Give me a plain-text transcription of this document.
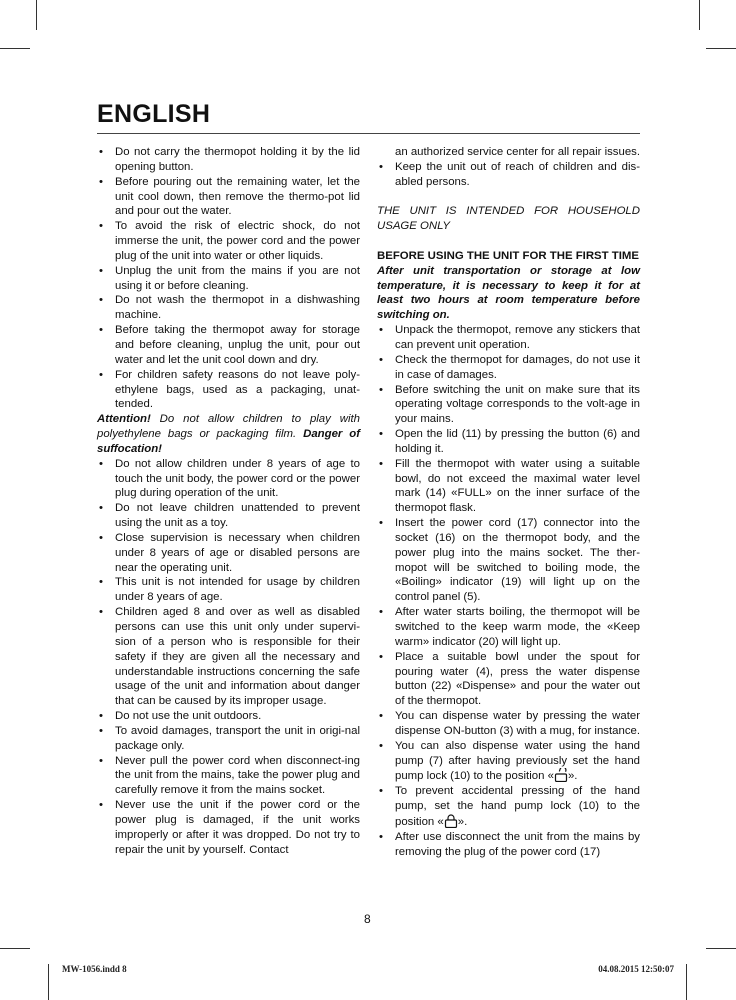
ENGLISH
• Do not carry the thermopot holding it by the lid opening button.
• Before pouring out the remaining water, let the unit cool down, then remove the thermo-pot lid and pour out the water.
• To avoid the risk of electric shock, do not immerse the unit, the power cord and the power plug of the unit into water or other liquids.
• Unplug the unit from the mains if you are not using it or before cleaning.
• Do not wash the thermopot in a dishwashing machine.
• Before taking the thermopot away for storage and before cleaning, unplug the unit, pour out water and let the unit cool down and dry.
• For children safety reasons do not leave poly-ethylene bags, used as a packaging, unat-tended.

Attention! Do not allow children to play with polyethylene bags or packaging film. Danger of suffocation!

• Do not allow children under 8 years of age to touch the unit body, the power cord or the power plug during operation of the unit.
• Do not leave children unattended to prevent using the unit as a toy.
• Close supervision is necessary when children under 8 years of age or disabled persons are near the operating unit.
• This unit is not intended for usage by children under 8 years of age.
• Children aged 8 and over as well as disabled persons can use this unit only under supervi-sion of a person who is responsible for their safety if they are given all the necessary and understandable instructions concerning the safe usage of the unit and information about danger that can be caused by its improper usage.
• Do not use the unit outdoors.
• To avoid damages, transport the unit in origi-nal package only.
• Never pull the power cord when disconnect-ing the unit from the mains, take the power plug and carefully remove it from the mains socket.
• Never use the unit if the power cord or the power plug is damaged, if the unit works improperly or after it was dropped. Do not try to repair the unit by yourself. Contact
an authorized service center for all repair issues.
• Keep the unit out of reach of children and dis-abled persons.

THE UNIT IS INTENDED FOR HOUSEHOLD USAGE ONLY

BEFORE USING THE UNIT FOR THE FIRST TIME

After unit transportation or storage at low temperature, it is necessary to keep it for at least two hours at room temperature before switching on.

• Unpack the thermopot, remove any stickers that can prevent unit operation.
• Check the thermopot for damages, do not use it in case of damages.
• Before switching the unit on make sure that its operating voltage corresponds to the volt-age in your mains.
• Open the lid (11) by pressing the button (6) and holding it.
• Fill the thermopot with water using a suitable bowl, do not exceed the maximal water level mark (14) «FULL» on the inner surface of the thermopot flask.
• Insert the power cord (17) connector into the socket (16) on the thermopot body, and the power plug into the mains socket. The ther-mopot will be switched to boiling mode, the «Boiling» indicator (19) will light up on the control panel (5).
• After water starts boiling, the thermopot will be switched to the keep warm mode, the «Keep warm» indicator (20) will light up.
• Place a suitable bowl under the spout for pouring water (4), press the water dispense button (22) «Dispense» and pour the water out of the thermopot.
• You can dispense water by pressing the water dispense ON-button (3) with a mug, for instance.
• You can also dispense water using the hand pump (7) after having previously set the hand pump lock (10) to the position « ».
• To prevent accidental pressing of the hand pump, set the hand pump lock (10) to the position « ».
• After use disconnect the unit from the mains by removing the plug of the power cord (17)
8
MW-1056.indd 8	04.08.2015 12:50:07
